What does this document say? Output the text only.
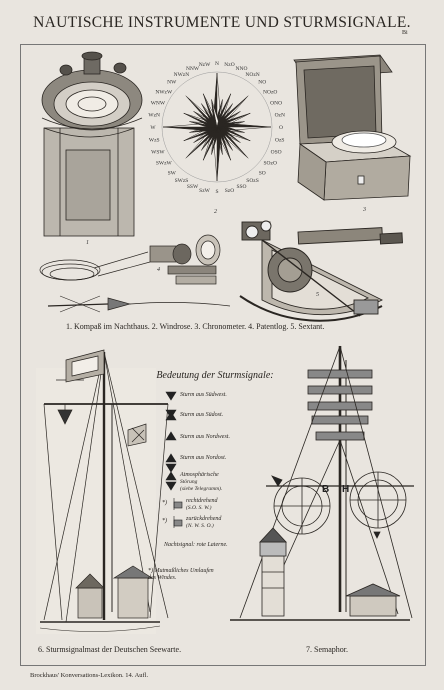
NAUTISCHE INSTRUMENTE UND STURMSIGNALE.
Bi
1
N NzO
NNO
NOzN
NO
NOzO
ONO
OzN
O
OzS
OSO
SOzO
SO
SOzS
SSO
SzO
S
SzW
SSW
SWzS
SW
SWzW
WSW
WzS
W
WzN
WNW
NWzW
NW
NWzN
NNW
NzW
2	3
4
5
B H
1. Kompaß im Nachthaus. 2. Windrose. 3. Chronometer. 4. Patentlog. 5. Sextant.
6. Sturmsignalmast der Deutschen Seewarte.	7. Semaphor.
Bedeutung der Sturmsignale:
Sturm aus Südwest.
Sturm aus Südost.
Sturm aus Nordwest.
Sturm aus Nordost.
Atmosphärische
Störung
(siehe Telegramm).
*)	rechtdrehend
(S.O. S. W.)
*)	zurückdrehend
(N. W. S. O.)
Nachtsignal: rote Laterne.
*) Mutmaßliches Umlaufen
des Windes.
Brockhaus' Konversations-Lexikon. 14. Aufl.
